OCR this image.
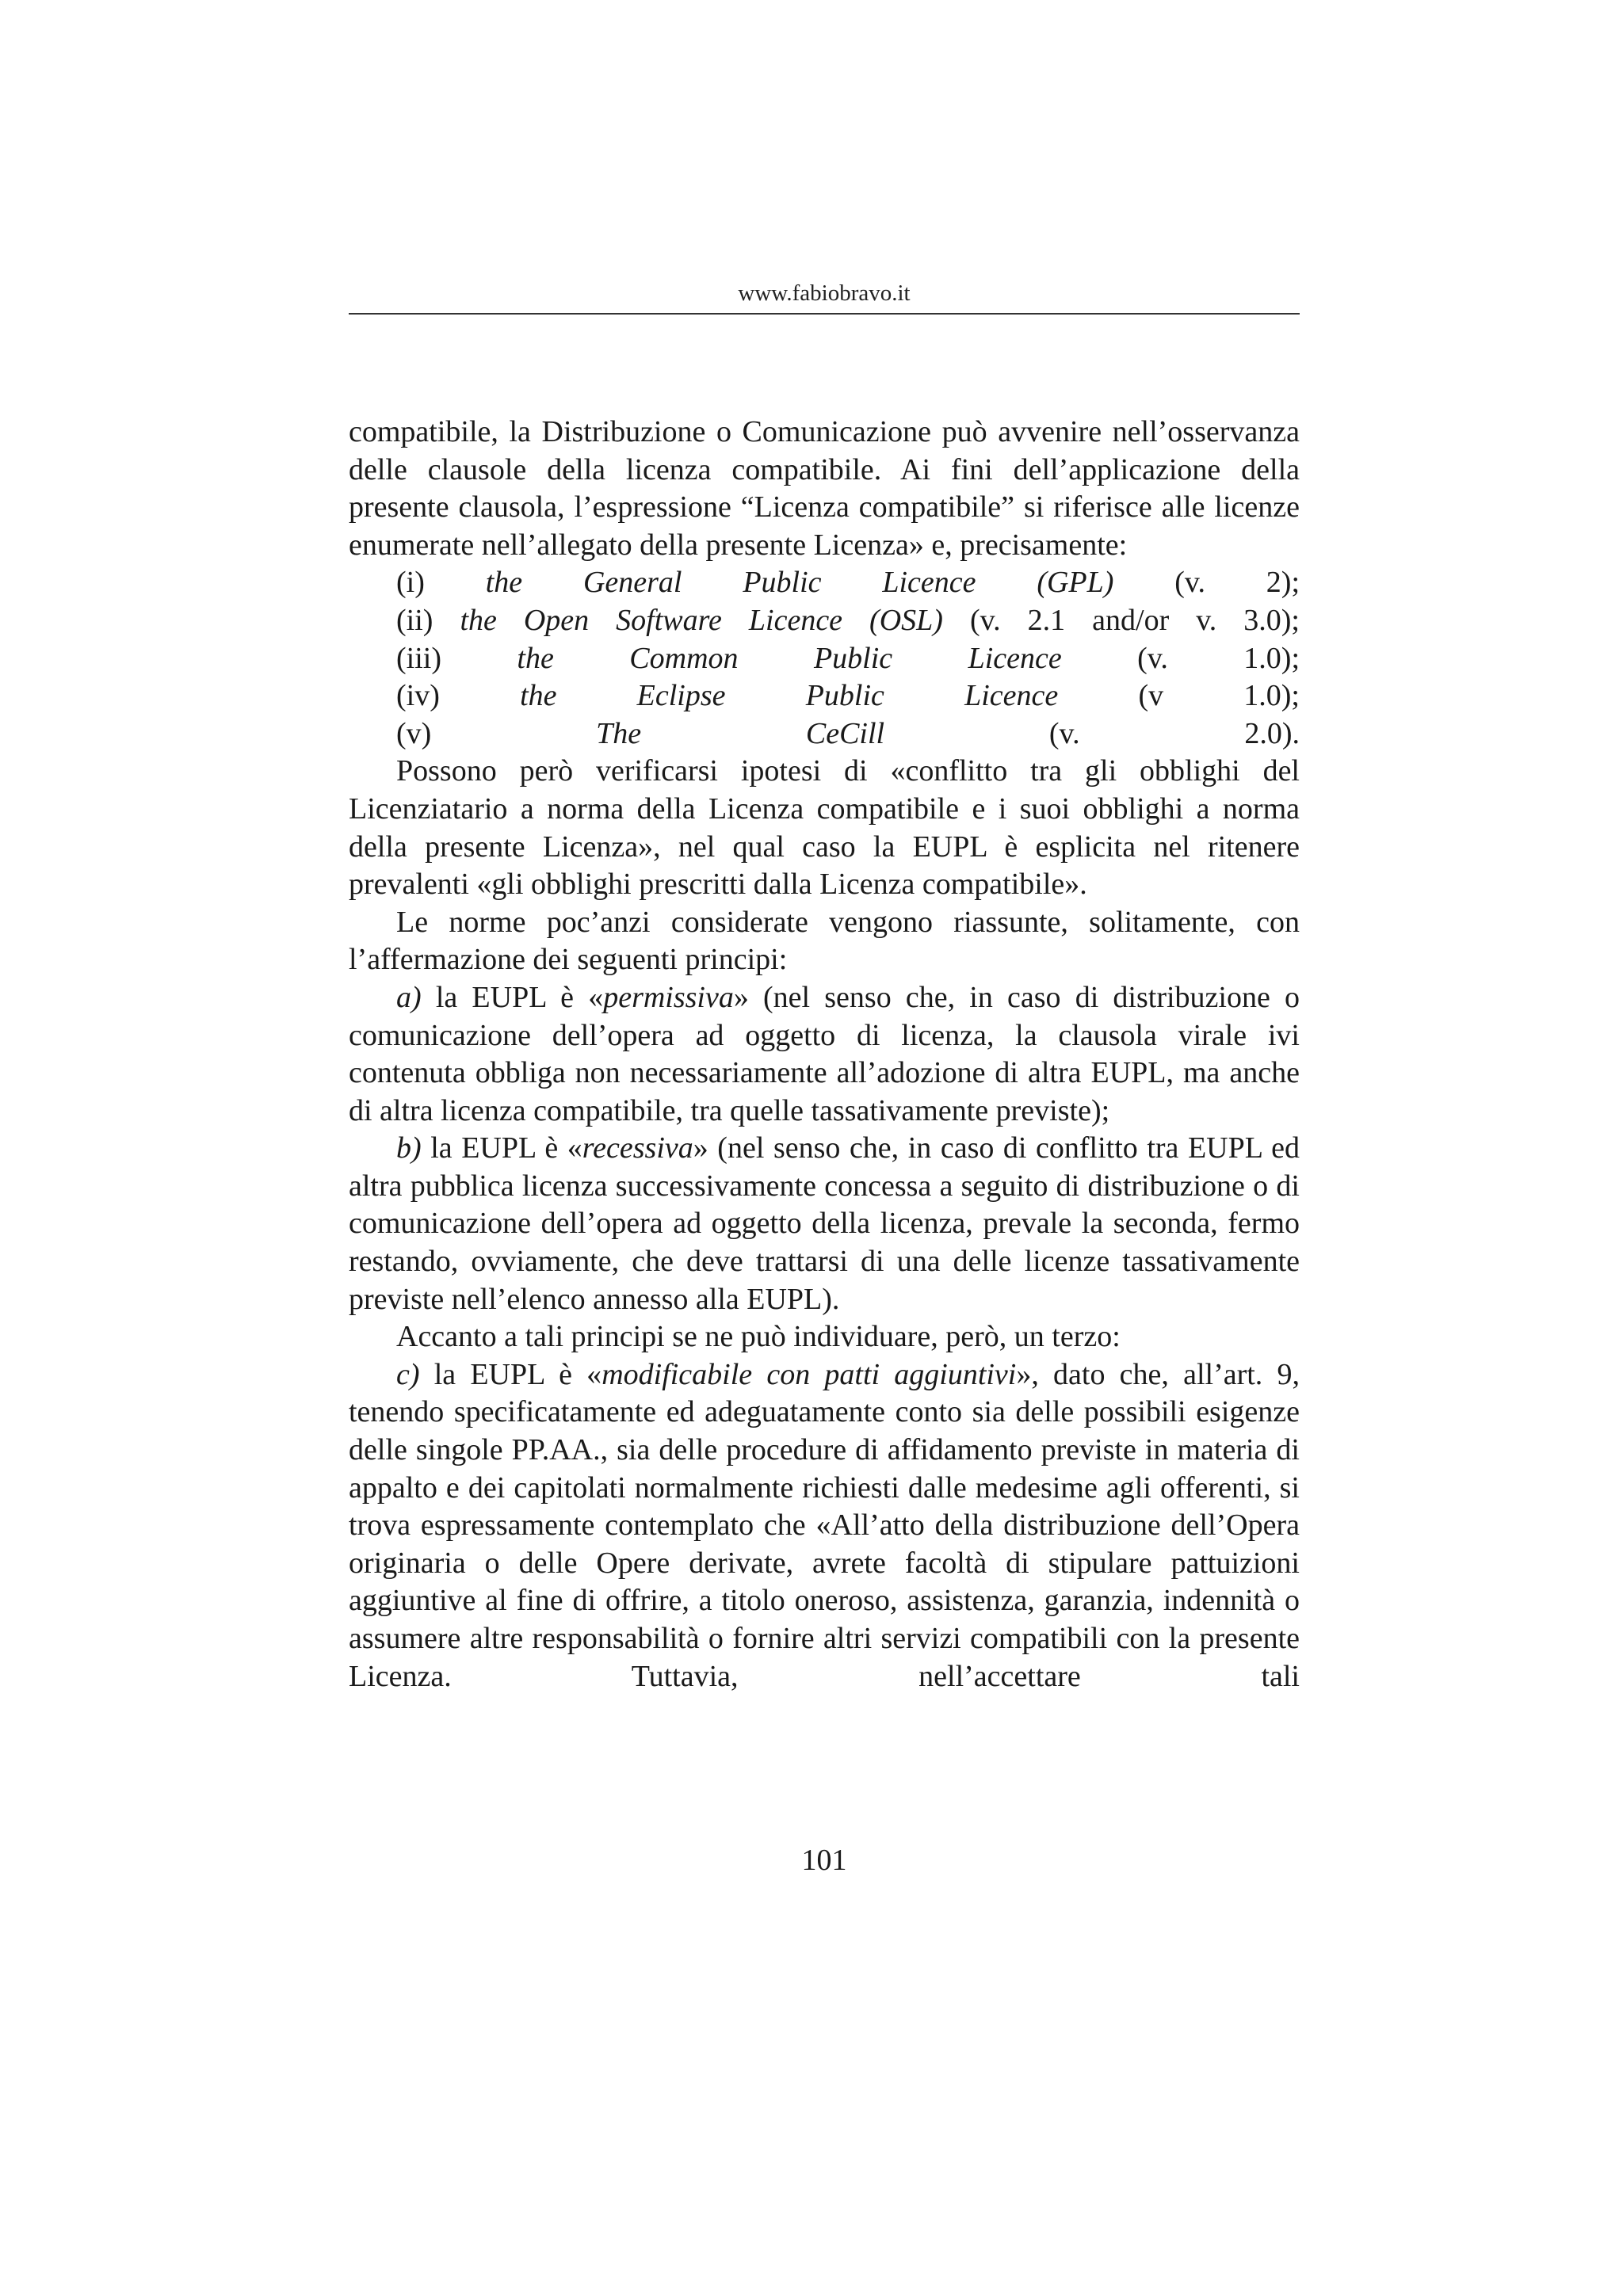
www.fabiobravo.it

compatibile, la Distribuzione o Comunicazione può avvenire nell’osservanza delle clausole della licenza compatibile. Ai fini dell’applicazione della presente clausola, l’espressione “Licenza compatibile” si riferisce alle licenze enumerate nell’allegato della presente Licenza» e, precisamente:

(i) the General Public Licence (GPL) (v. 2);

(ii) the Open Software Licence (OSL) (v. 2.1 and/or v. 3.0);

(iii) the Common Public Licence (v. 1.0);

(iv) the Eclipse Public Licence (v 1.0);

(v) The CeCill (v. 2.0).

Possono però verificarsi ipotesi di «conflitto tra gli obblighi del Licenziatario a norma della Licenza compatibile e i suoi obblighi a norma della presente Licenza», nel qual caso la EUPL è esplicita nel ritenere prevalenti «gli obblighi prescritti dalla Licenza compatibile».

Le norme poc’anzi considerate vengono riassunte, solitamente, con l’affermazione dei seguenti principi:

a) la EUPL è «permissiva» (nel senso che, in caso di distribuzione o comunicazione dell’opera ad oggetto di licenza, la clausola virale ivi contenuta obbliga non necessariamente all’adozione di altra EUPL, ma anche di altra licenza compatibile, tra quelle tassativamente previste);

b) la EUPL è «recessiva» (nel senso che, in caso di conflitto tra EUPL ed altra pubblica licenza successivamente concessa a seguito di distribuzione o di comunicazione dell’opera ad oggetto della licenza, prevale la seconda, fermo restando, ovviamente, che deve trattarsi di una delle licenze tassativamente previste nell’elenco annesso alla EUPL).

Accanto a tali principi se ne può individuare, però, un terzo:

c) la EUPL è «modificabile con patti aggiuntivi», dato che, all’art. 9, tenendo specificatamente ed adeguatamente conto sia delle possibili esigenze delle singole PP.AA., sia delle procedure di affidamento previste in materia di appalto e dei capitolati normalmente richiesti dalle medesime agli offerenti, si trova espressamente contemplato che «All’atto della distribuzione dell’Opera originaria o delle Opere derivate, avrete facoltà di stipulare pattuizioni aggiuntive al fine di offrire, a titolo oneroso, assistenza, garanzia, indennità o assumere altre responsabilità o fornire altri servizi compatibili con la presente Licenza. Tuttavia, nell’accettare tali

101
